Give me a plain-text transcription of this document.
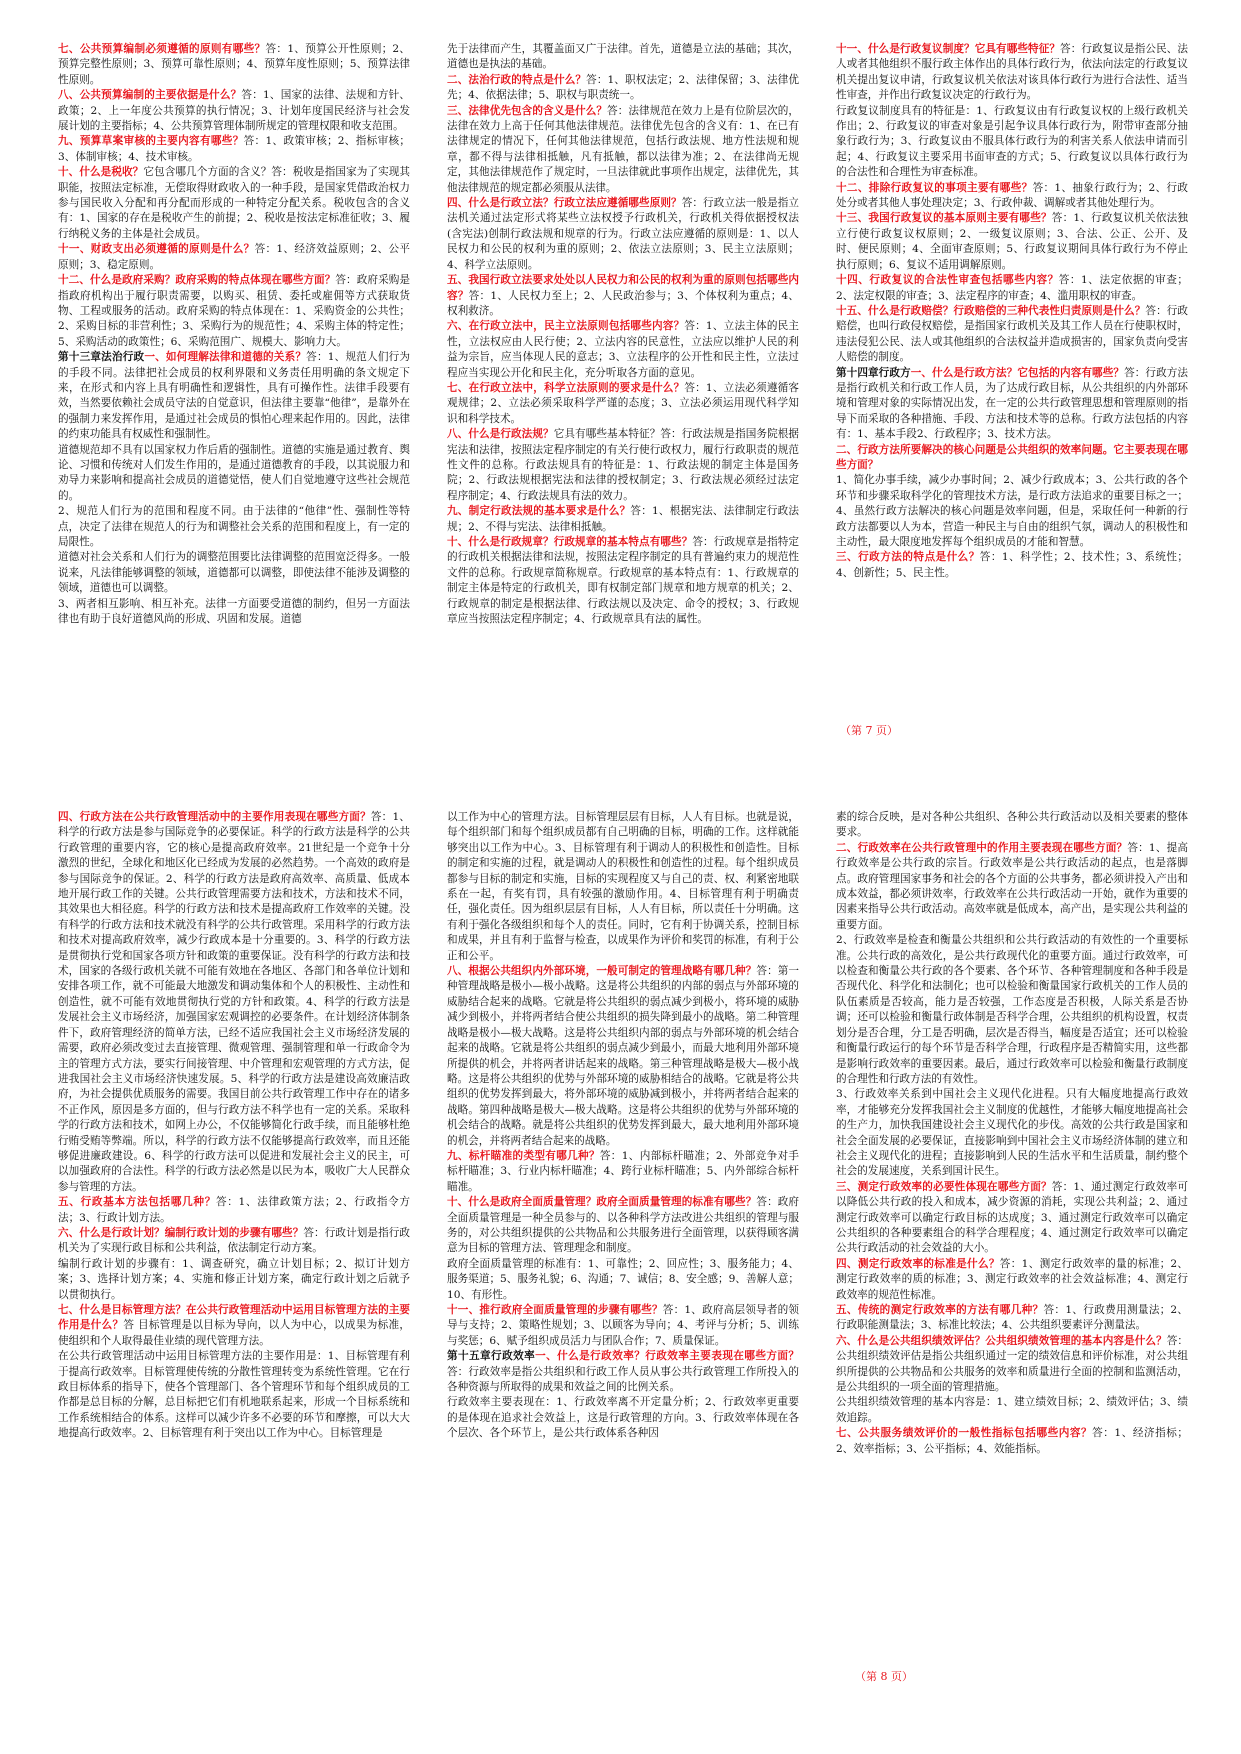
七、公共预算编制必须遵循的原则有哪些？答：1、预算公开性原则；2、预算完整性原则；3、预算可靠性原则；4、预算年度性原则；5、预算法律性原则。

八、公共预算编制的主要依据是什么？答：1、国家的法律、法规和方针、政策；2、上一年度公共预算的执行情况；3、计划年度国民经济与社会发展计划的主要指标；4、公共预算管理体制所规定的管理权限和收支范围。

九、预算草案审核的主要内容有哪些？答：1、政策审核；2、指标审核；3、体制审核；4、技术审核。

十、什么是税收？它包含哪几个方面的含义？答：税收是指国家为了实现其职能，按照法定标准，无偿取得财政收入的一种手段，是国家凭借政治权力参与国民收入分配和再分配而形成的一种特定分配关系。税收包含的含义有：1、国家的存在是税收产生的前提；2、税收是按法定标准征收；3、履行纳税义务的主体是社会成员。

十一、财政支出必须遵循的原则是什么？答：1、经济效益原则；2、公平原则；3、稳定原则。

十二、什么是政府采购？政府采购的特点体现在哪些方面？答：政府采购是指政府机构出于履行职责需要，以购买、租赁、委托或雇佣等方式获取货物、工程或服务的活动。政府采购的特点体现在：1、采购资金的公共性；2、采购目标的非营利性；3、采购行为的规范性；4、采购主体的特定性；5、采购活动的政策性；6、采购范围广、规模大、影响力大。

第十三章法治行政一、如何理解法律和道德的关系？答：1、规范人们行为的手段不同。法律把社会成员的权利界限和义务责任用明确的条文规定下来，在形式和内容上具有明确性和逻辑性，具有可操作性。法律手段要有效，当然要依赖社会成员守法的自觉意识，但法律主要靠“他律”，是靠外在的强制力来发挥作用，是通过社会成员的惧怕心理来起作用的。因此，法律的约束功能具有权威性和强制性。

道德规范却不具有以国家权力作后盾的强制性。道德的实施是通过教育、舆论、习惯和传统对人们发生作用的，是通过道德教育的手段，以其说服力和劝导力来影响和提高社会成员的道德觉悟，使人们自觉地遵守这些社会规范的。

2、规范人们行为的范围和程度不同。由于法律的“他律”性、强制性等特点，决定了法律在规范人的行为和调整社会关系的范围和程度上，有一定的局限性。

道德对社会关系和人们行为的调整范围要比法律调整的范围宽泛得多。一般说来，凡法律能够调整的领域，道德都可以调整，即使法律不能涉及调整的领域，道德也可以调整。

3、两者相互影响、相互补充。法律一方面要受道德的制约，但另一方面法律也有助于良好道德风尚的形成、巩固和发展。道德

先于法律而产生，其覆盖面又广于法律。首先，道德是立法的基础；其次，道德也是执法的基础。

二、法治行政的特点是什么？答：1、职权法定；2、法律保留；3、法律优先；4、依据法律；5、职权与职责统一。

三、法律优先包含的含义是什么？答：法律规范在效力上是有位阶层次的，法律在效力上高于任何其他法律规范。法律优先包含的含义有：1、在已有法律规定的情况下，任何其他法律规范，包括行政法规、地方性法规和规章，都不得与法律相抵触，凡有抵触，都以法律为准；2、在法律尚无规定，其他法律规范作了规定时，一旦法律就此事项作出规定，法律优先，其他法律规范的规定都必须服从法律。

四、什么是行政立法？行政立法应遵循哪些原则？答：行政立法一般是指立法机关通过法定形式将某些立法权授予行政机关，行政机关得依据授权法(含宪法)创制行政法规和规章的行为。行政立法应遵循的原则是：1、以人民权力和公民的权利为重的原则；2、依法立法原则；3、民主立法原则；4、科学立法原则。

五、我国行政立法要求处处以人民权力和公民的权利为重的原则包括哪些内容？答：1、人民权力至上；2、人民政治参与；3、个体权利为重点；4、权利救济。

六、在行政立法中，民主立法原则包括哪些内容？答：1、立法主体的民主性，立法权应由人民行使；2、立法内容的民意性，立法应以维护人民的利益为宗旨，应当体现人民的意志；3、立法程序的公开性和民主性，立法过程应当实现公开化和民主化，充分听取各方面的意见。

七、在行政立法中，科学立法原则的要求是什么？答：1、立法必须遵循客观规律；2、立法必须采取科学严谨的态度；3、立法必须运用现代科学知识和科学技术。

八、什么是行政法规？它具有哪些基本特征？答：行政法规是指国务院根据宪法和法律，按照法定程序制定的有关行使行政权力，履行行政职责的规范性文件的总称。行政法规具有的特征是：1、行政法规的制定主体是国务院；2、行政法规根据宪法和法律的授权制定；3、行政法规必须经过法定程序制定；4、行政法规具有法的效力。

九、制定行政法规的基本要求是什么？答：1、根据宪法、法律制定行政法规；2、不得与宪法、法律相抵触。

十、什么是行政规章？行政规章的基本特点有哪些？答：行政规章是指特定的行政机关根据法律和法规，按照法定程序制定的具有普遍约束力的规范性文件的总称。行政规章简称规章。行政规章的基本特点有：1、行政规章的制定主体是特定的行政机关，即有权制定部门规章和地方规章的机关；2、行政规章的制定是根据法律、行政法规以及决定、命令的授权；3、行政规章应当按照法定程序制定；4、行政规章具有法的属性。

十一、什么是行政复议制度？它具有哪些特征？答：行政复议是指公民、法人或者其他组织不服行政主体作出的具体行政行为，依法向法定的行政复议机关提出复议申请，行政复议机关依法对该具体行政行为进行合法性、适当性审查，并作出行政复议决定的行政行为。

行政复议制度具有的特征是：1、行政复议由有行政复议权的上级行政机关作出；2、行政复议的审查对象是引起争议具体行政行为，附带审查部分抽象行政行为；3、行政复议由不服具体行政行为的利害关系人依法申请而引起；4、行政复议主要采用书面审查的方式；5、行政复议以具体行政行为的合法性和合理性为审查标准。

十二、排除行政复议的事项主要有哪些？答：1、抽象行政行为；2、行政处分或者其他人事处理决定；3、行政仲裁、调解或者其他处理行为。

十三、我国行政复议的基本原则主要有哪些？答：1、行政复议机关依法独立行使行政复议权原则；2、一级复议原则；3、合法、公正、公开、及时、便民原则；4、全面审查原则；5、行政复议期间具体行政行为不停止执行原则；6、复议不适用调解原则。

十四、行政复议的合法性审查包括哪些内容？答：1、法定依据的审查；2、法定权限的审查；3、法定程序的审查；4、滥用职权的审查。

十五、什么是行政赔偿？行政赔偿的三种代表性归责原则是什么？答：行政赔偿，也叫行政侵权赔偿，是指国家行政机关及其工作人员在行使职权时，违法侵犯公民、法人或其他组织的合法权益并造成损害的，国家负责向受害人赔偿的制度。

第十四章行政方一、什么是行政方法？它包括的内容有哪些？答：行政方法是指行政机关和行政工作人员，为了达成行政目标，从公共组织的内外部环境和管理对象的实际情况出发，在一定的公共行政管理思想和管理原则的指导下而采取的各种措施、手段、方法和技术等的总称。行政方法包括的内容有：1、基本手段2、行政程序；3、技术方法。

二、行政方法所要解决的核心问题是公共组织的效率问题。它主要表现在哪些方面？

1、简化办事手续，减少办事时间；2、减少行政成本；3、公共行政的各个环节和步骤采取科学化的管理技术方法，是行政方法追求的重要目标之一；4、虽然行政方法解决的核心问题是效率问题，但是，采取任何一种新的行政方法都要以人为本，营造一种民主与自由的组织气氛，调动人的积极性和主动性，最大限度地发挥每个组织成员的才能和智慧。

三、行政方法的特点是什么？答：1、科学性；2、技术性；3、系统性；4、创新性；5、民主性。

（第 7 页）

四、行政方法在公共行政管理活动中的主要作用表现在哪些方面？答：1、科学的行政方法是参与国际竞争的必要保证。科学的行政方法是科学的公共行政管理的重要内容，它的核心是提高政府效率。21世纪是一个竞争十分激烈的世纪，全球化和地区化已经成为发展的必然趋势。一个高效的政府是参与国际竞争的保证。2、科学的行政方法是政府高效率、高质量、低成本地开展行政工作的关键。公共行政管理需要方法和技术，方法和技术不同，其效果也大相径庭。科学的行政方法和技术是提高政府工作效率的关键。没有科学的行政方法和技术就没有科学的公共行政管理。采用科学的行政方法和技术对提高政府效率，减少行政成本是十分重要的。3、科学的行政方法是贯彻执行党和国家各项方针和政策的重要保证。没有科学的行政方法和技术，国家的各级行政机关就不可能有效地在各地区、各部门和各单位计划和安排各项工作，就不可能最大地激发和调动集体和个人的积极性、主动性和创造性，就不可能有效地贯彻执行党的方针和政策。4、科学的行政方法是发展社会主义市场经济，加强国家宏观调控的必要条件。在计划经济体制条件下，政府管理经济的简单方法，已经不适应我国社会主义市场经济发展的需要，政府必须改变过去直接管理、微观管理、强制管理和单一行政命令为主的管理方式方法，要实行间接管理、中介管理和宏观管理的方式方法，促进我国社会主义市场经济快速发展。5、科学的行政方法是建设高效廉洁政府，为社会提供优质服务的需要。我国目前公共行政管理工作中存在的诸多不正作风，原因是多方面的，但与行政方法不科学也有一定的关系。采取科学的行政方法和技术，如网上办公，不仅能够简化行政手续，而且能够杜绝行贿受贿等弊端。所以，科学的行政方法不仅能够提高行政效率，而且还能够促进廉政建设。6、科学的行政方法可以促进和发展社会主义的民主，可以加强政府的合法性。科学的行政方法必然是以民为本，吸收广大人民群众参与管理的方法。

五、行政基本方法包括哪几种？答：1、法律政策方法；2、行政指令方法；3、行政计划方法。

六、什么是行政计划？编制行政计划的步骤有哪些？答：行政计划是指行政机关为了实现行政目标和公共利益，依法制定行动方案。

编制行政计划的步骤有：1、调查研究，确立计划目标；2、拟订计划方案；3、选择计划方案；4、实施和修正计划方案，确定行政计划之后就予以贯彻执行。

七、什么是目标管理方法？在公共行政管理活动中运用目标管理方法的主要作用是什么？答 目标管理是以目标为导向，以人为中心，以成果为标准，使组织和个人取得最佳业绩的现代管理方法。

在公共行政管理活动中运用目标管理方法的主要作用是：1、目标管理有利于提高行政效率。目标管理使传统的分散性管理转变为系统性管理。它在行政目标体系的指导下，使各个管理部门、各个管理环节和每个组织成员的工作都是总目标的分解，总目标把它们有机地联系起来，形成一个目标系统和工作系统相结合的体系。这样可以减少许多不必要的环节和摩擦，可以大大地提高行政效率。2、目标管理有利于突出以工作为中心。目标管理是

以工作为中心的管理方法。目标管理层层有目标，人人有目标。也就是说，每个组织部门和每个组织成员都有自己明确的目标，明确的工作。这样就能够突出以工作为中心。3、目标管理有利于调动人的积极性和创造性。目标的制定和实施的过程，就是调动人的积极性和创造性的过程。每个组织成员都参与目标的制定和实施，目标的实现程度又与自己的责、权、利紧密地联系在一起，有奖有罚，具有较强的激励作用。4、目标管理有利于明确责任，强化责任。因为组织层层有目标，人人有目标，所以责任十分明确。这有利于强化各级组织和每个人的责任。同时，它有利于协调关系，控制目标和成果，并且有利于监督与检查，以成果作为评价和奖罚的标准，有利于公正和公平。

八、根据公共组织内外部环境，一般可制定的管理战略有哪几种？答：第一种管理战略是极小—极小战略。这是将公共组织的内部的弱点与外部环境的威胁结合起来的战略。它就是将公共组织的弱点减少到极小，将环境的威胁减少到极小，并将两者结合使公共组织的损失降到最小的战略。第二种管理战略是极小—极大战略。这是将公共组织内部的弱点与外部环境的机会结合起来的战略。它就是将公共组织的弱点减少到最小，而最大地利用外部环境所提供的机会，并将两者讲话起来的战略。第三种管理战略是极大—极小战略。这是将公共组织的优势与外部环境的威胁相结合的战略。它就是将公共组织的优势发挥到最大，将外部环境的威胁减到极小，并将两者结合起来的战略。第四种战略是极大—极大战略。这是将公共组织的优势与外部环境的机会结合的战略。就是将公共组织的优势发挥到最大，最大地利用外部环境的机会，并将两者结合起来的战略。

九、标杆瞄准的类型有哪几种？答：1、内部标杆瞄准；2、外部竞争对手标杆瞄准；3、行业内标杆瞄准；4、跨行业标杆瞄准；5、内外部综合标杆瞄准。

十、什么是政府全面质量管理？政府全面质量管理的标准有哪些？答：政府全面质量管理是一种全员参与的、以各种科学方法改进公共组织的管理与服务的，对公共组织提供的公共物品和公共服务进行全面管理，以获得顾客满意为目标的管理方法、管理理念和制度。

政府全面质量管理的标准有：1、可靠性；2、回应性；3、服务能力；4、服务渠道；5、服务礼貌；6、沟通；7、诚信；8、安全感；9、善解人意；10、有形性。

十一、推行政府全面质量管理的步骤有哪些？答：1、政府高层领导者的领导与支持；2、策略性规划；3、以顾客为导向；4、考评与分析；5、训练与奖惩；6、赋予组织成员活力与团队合作；7、质量保证。

第十五章行政效率一、什么是行政效率？行政效率主要表现在哪些方面？答：行政效率是指公共组织和行政工作人员从事公共行政管理工作所投入的各种资源与所取得的成果和效益之间的比例关系。

行政效率主要表现在：1、行政效率离不开定量分析；2、行政效率更重要的是体现在追求社会效益上，这是行政管理的方向。3、行政效率体现在各个层次、各个环节上，是公共行政体系各种因

素的综合反映，是对各种公共组织、各种公共行政活动以及相关要素的整体要求。

二、行政效率在公共行政管理中的作用主要表现在哪些方面？答：1、提高行政效率是公共行政的宗旨。行政效率是公共行政活动的起点，也是落脚点。政府管理国家事务和社会的各个方面的公共事务，都必须讲投入产出和成本效益，都必须讲效率，行政效率在公共行政活动一开始，就作为重要的因素来指导公共行政活动。高效率就是低成本，高产出，是实现公共利益的重要方面。

2、行政效率是检查和衡量公共组织和公共行政活动的有效性的一个重要标准。公共行政的高效化，是公共行政现代化的重要方面。通过行政效率，可以检查和衡量公共行政的各个要素、各个环节、各种管理制度和各种手段是否现代化、科学化和法制化；也可以检验和衡量国家行政机关的工作人员的队伍素质是否较高，能力是否较强，工作态度是否积极，人际关系是否协调；还可以检验和衡量行政体制是否科学合理，公共组织的机构设置，权责划分是否合理，分工是否明确，层次是否得当，幅度是否适宜；还可以检验和衡量行政运行的每个环节是否科学合理，行政程序是否精简实用，这些都是影响行政效率的重要因素。最后，通过行政效率可以检验和衡量行政制度的合理性和行政方法的有效性。

3、行政效率关系到中国社会主义现代化进程。只有大幅度地提高行政效率，才能够充分发挥我国社会主义制度的优越性，才能够大幅度地提高社会的生产力，加快我国建设社会主义现代化的步伐。高效的公共行政是国家和社会全面发展的必要保证，直接影响到中国社会主义市场经济体制的建立和社会主义现代化的进程；直接影响到人民的生活水平和生活质量，制约整个社会的发展速度，关系到国计民生。

三、测定行政效率的必要性体现在哪些方面？答：1、通过测定行政效率可以降低公共行政的投入和成本，减少资源的消耗，实现公共利益；2、通过测定行政效率可以确定行政目标的达成度；3、通过测定行政效率可以确定公共组织的各种要素组合的科学合理程度；4、通过测定行政效率可以确定公共行政活动的社会效益的大小。

四、测定行政效率的标准是什么？答：1、测定行政效率的量的标准；2、测定行政效率的质的标准；3、测定行政效率的社会效益标准；4、测定行政效率的规范性标准。

五、传统的测定行政效率的方法有哪几种？答：1、行政费用测量法；2、行政职能测量法；3、标准比较法；4、公共组织要素评分测量法。

六、什么是公共组织绩效评估？公共组织绩效管理的基本内容是什么？答：公共组织绩效评估是指公共组织通过一定的绩效信息和评价标准，对公共组织所提供的公共物品和公共服务的效率和质量进行全面的控制和监测活动，是公共组织的一项全面的管理措施。

公共组织绩效管理的基本内容是：1、建立绩效目标；2、绩效评估；3、绩效追踪。

七、公共服务绩效评价的一般性指标包括哪些内容？答：1、经济指标；2、效率指标；3、公平指标；4、效能指标。

（第 8 页）
